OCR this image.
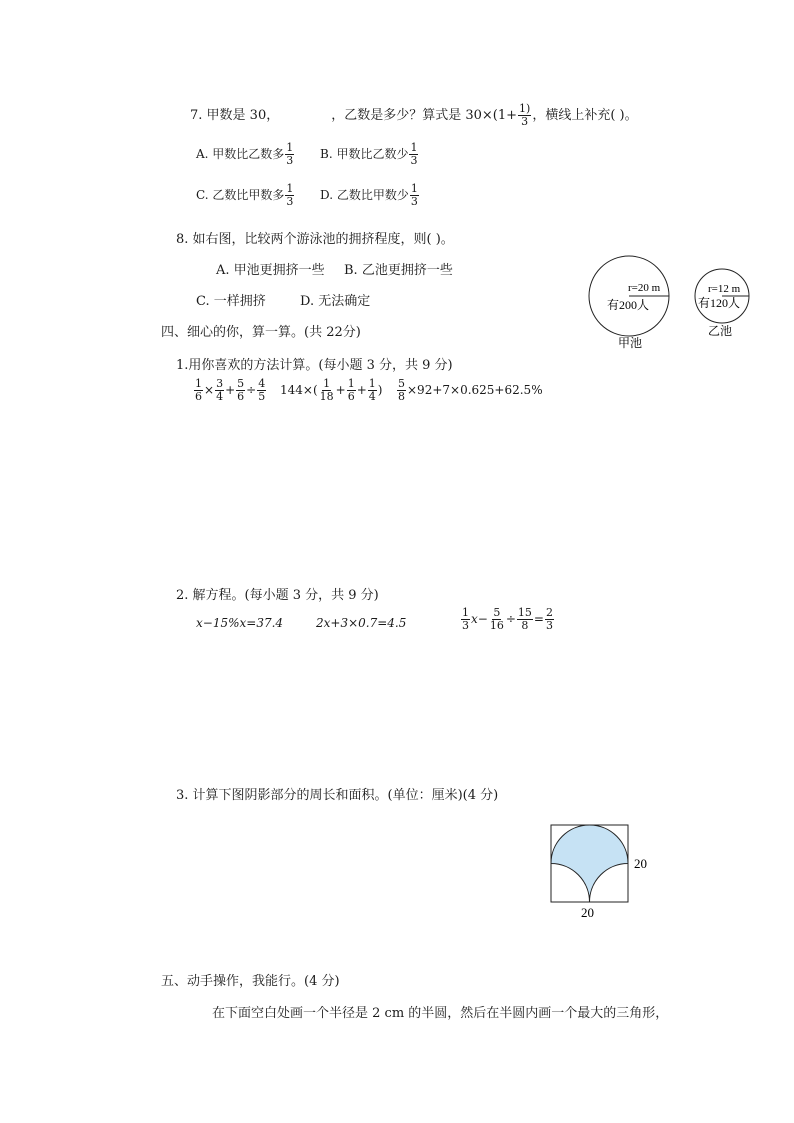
7. 甲数是 30，	，乙数是多少？算式是 $30\times(1+ \frac{1)}{3}$ ，横线上补充( )。
A. 甲数比乙数多 $\frac{1}{3} B$. 甲数比乙数少 $\frac{1}{3}$
C. 乙数比甲数多 $\frac{1}{3} D$. 乙数比甲数少 $\frac{1}{3}$
8. 如右图，比较两个游泳池的拥挤程度，则( )。
A. 甲池更拥挤一些 B. 乙池更拥挤一些
C. 一样拥挤	D. 无法确定
r=20 m
有200人
甲池
r=12 m
有120人
乙池
四、细心的你，算一算。(共 22分)
1.用你喜欢的方法计算。(每小题 3 分，共 9 分)
$\frac{1}{6} \times \frac{3}{4} + \frac{5}{6} \div \frac{4}{5} 144\times( \frac{1}{18} + \frac{1}{6} + \frac{1}{4}$ ) $\frac{5}{8} \times 92+7\times 0.625+62.5\%$
2. 解方程。(每小题 3 分，共 9 分)
x−15%x=37.4	2x+3×0.7=4.5	$\frac{1}{3} x- \frac{5}{16} \div \frac{15}{8} = \frac{2}{3}$
3. 计算下图阴影部分的周长和面积。(单位：厘米)(4 分)
20
20
五、动手操作，我能行。(4 分)
在下面空白处画一个半径是 2 cm 的半圆，然后在半圆内画一个最大的三角形，
